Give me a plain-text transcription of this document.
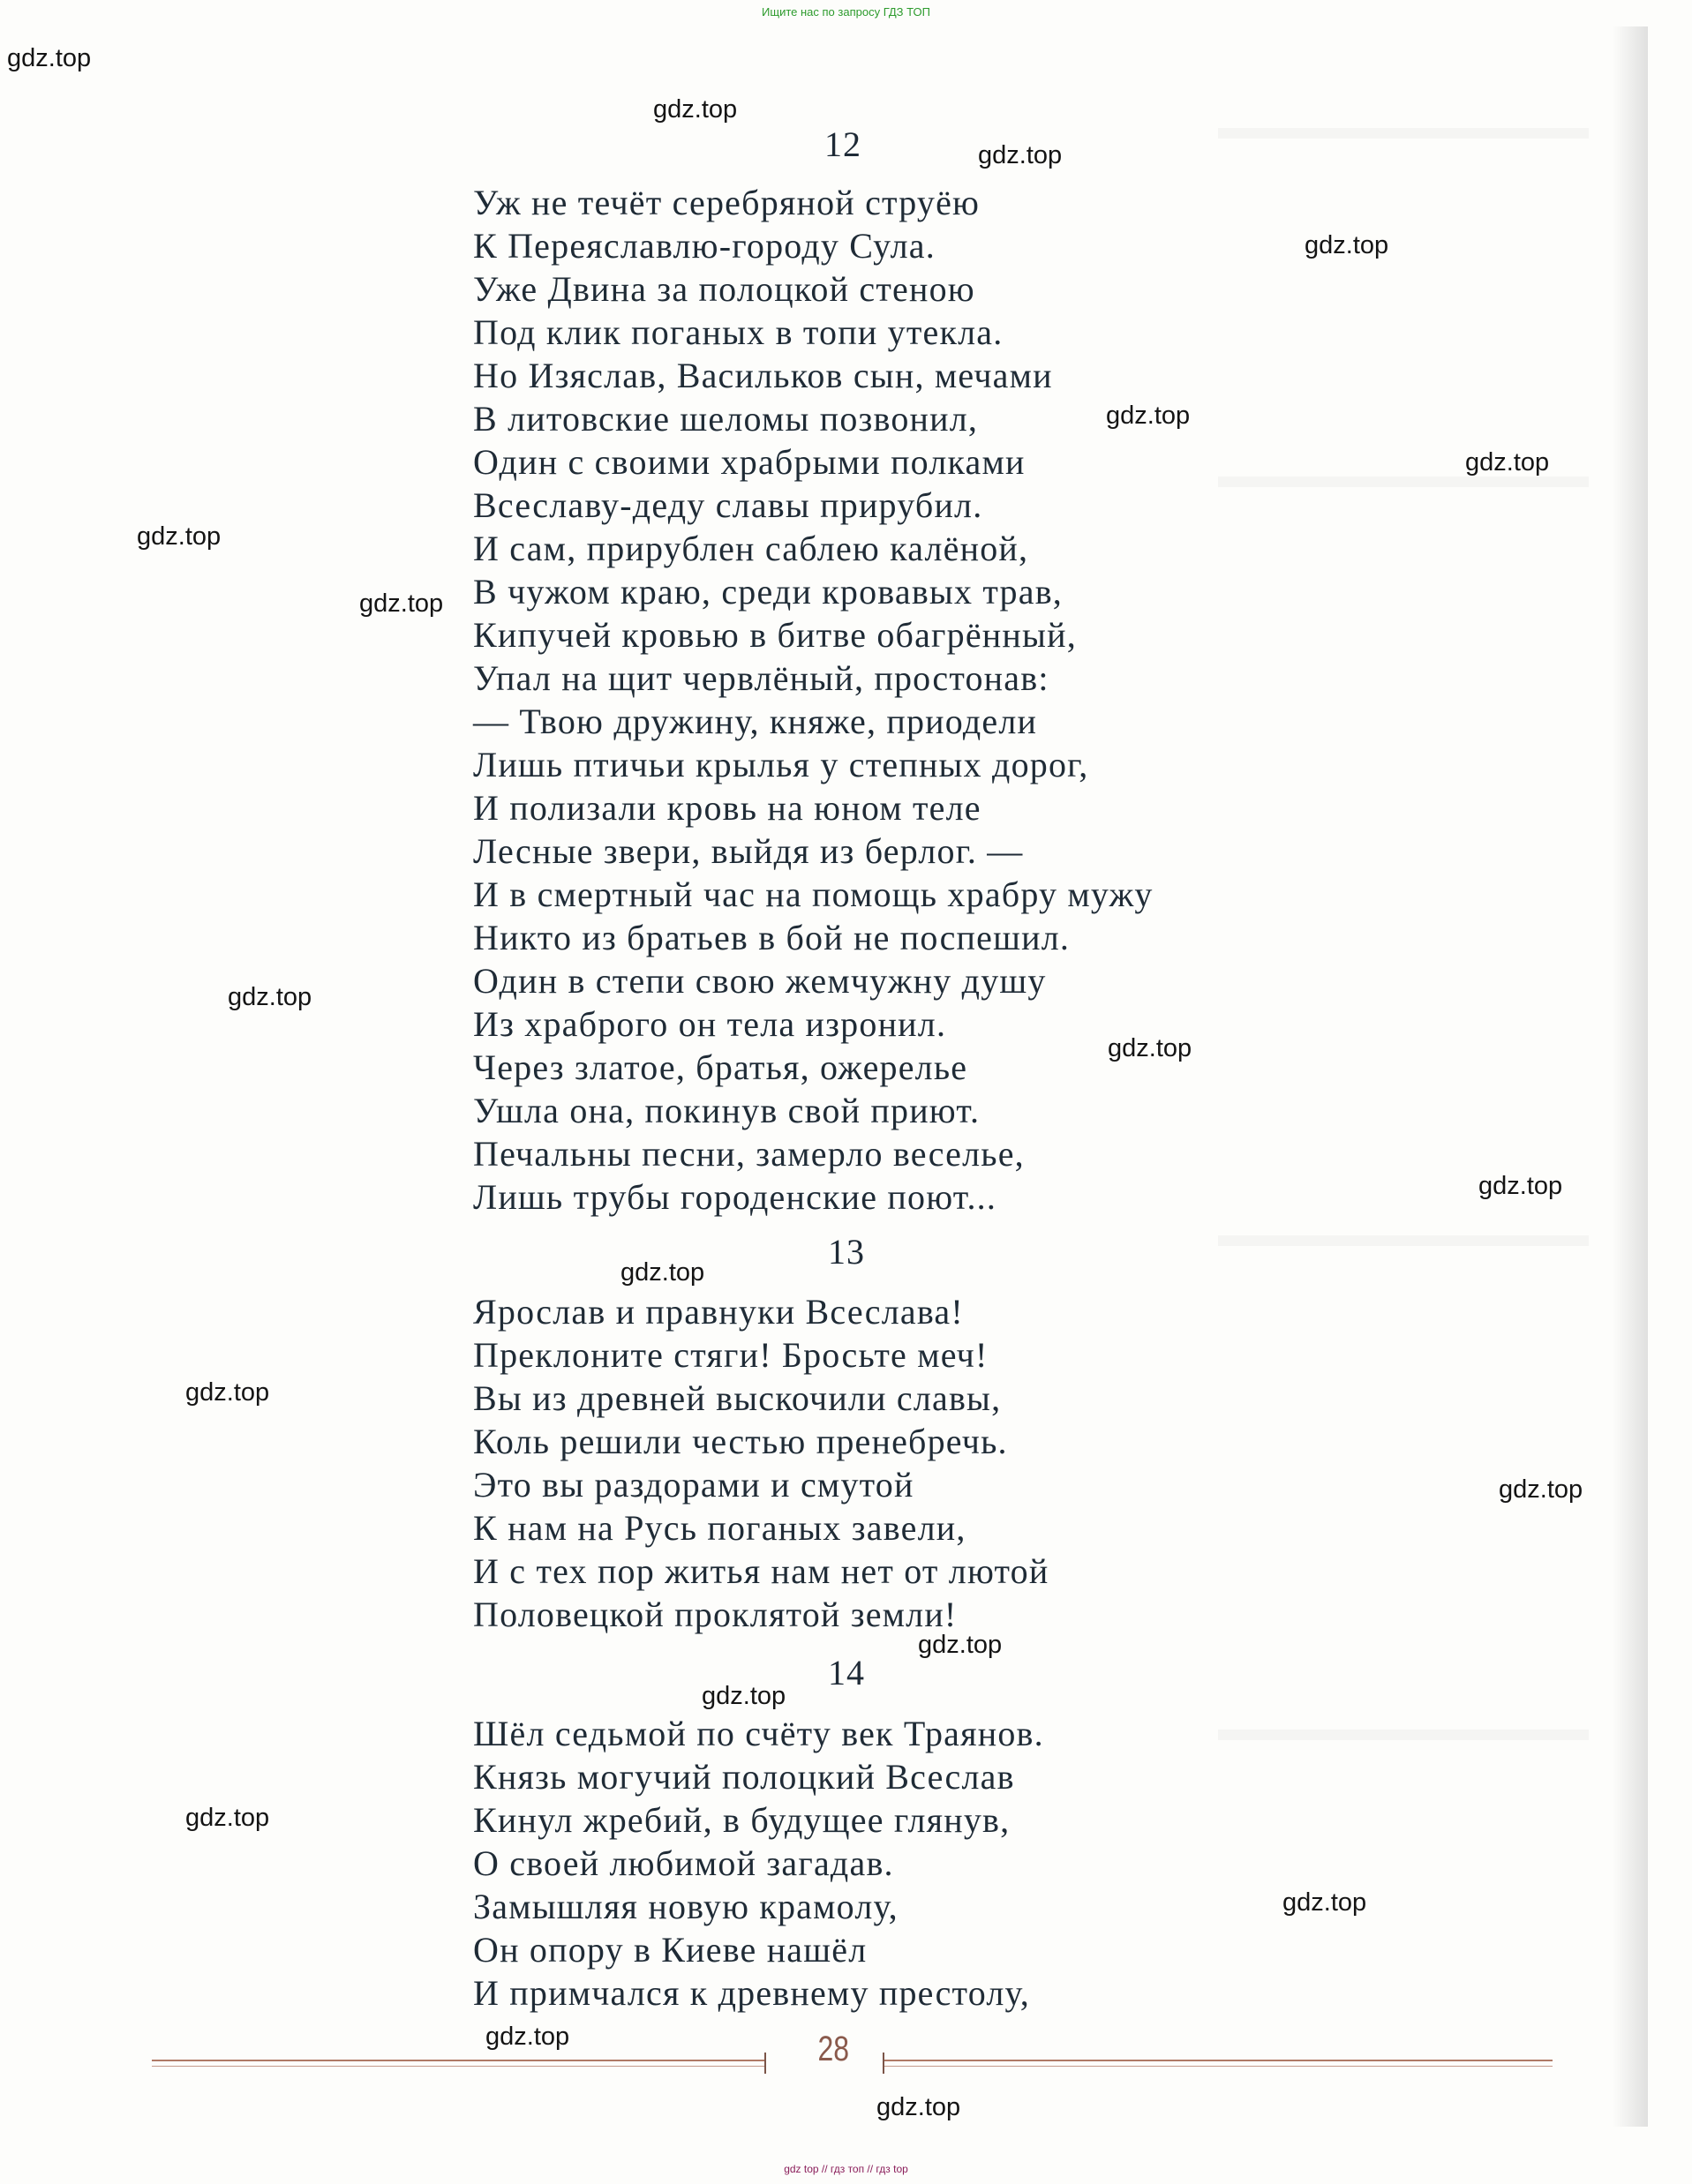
Ищите нас по запросу ГДЗ ТОП
12
Уж не течёт серебряной струёю
К Переяславлю-городу Сула.
Уже Двина за полоцкой стеною
Под клик поганых в топи утекла.
Но Изяслав, Васильков сын, мечами
В литовские шеломы позвонил,
Один с своими храбрыми полками
Всеславу-деду славы прирубил.
И сам, прирублен саблею калёной,
В чужом краю, среди кровавых трав,
Кипучей кровью в битве обагрённый,
Упал на щит червлёный, простонав:
— Твою дружину, княже, приодели
Лишь птичьи крылья у степных дорог,
И полизали кровь на юном теле
Лесные звери, выйдя из берлог. —
И в смертный час на помощь храбру мужу
Никто из братьев в бой не поспешил.
Один в степи свою жемчужну душу
Из храброго он тела изронил.
Через златое, братья, ожерелье
Ушла она, покинув свой приют.
Печальны песни, замерло веселье,
Лишь трубы городенские поют...
13
Ярослав и правнуки Всеслава!
Преклоните стяги! Бросьте меч!
Вы из древней выскочили славы,
Коль решили честью пренебречь.
Это вы раздорами и смутой
К нам на Русь поганых завели,
И с тех пор житья нам нет от лютой
Половецкой проклятой земли!
14
Шёл седьмой по счёту век Траянов.
Князь могучий полоцкий Всеслав
Кинул жребий, в будущее глянув,
О своей любимой загадав.
Замышляя новую крамолу,
Он опору в Киеве нашёл
И примчался к древнему престолу,
gdz.top
gdz.top
gdz.top
gdz.top
gdz.top
gdz.top
gdz.top
gdz.top
gdz.top
gdz.top
gdz.top
gdz.top
gdz.top
gdz.top
gdz.top
gdz.top
gdz.top
gdz.top
gdz.top
gdz.top
28
gdz top // гдз топ // гдз top
